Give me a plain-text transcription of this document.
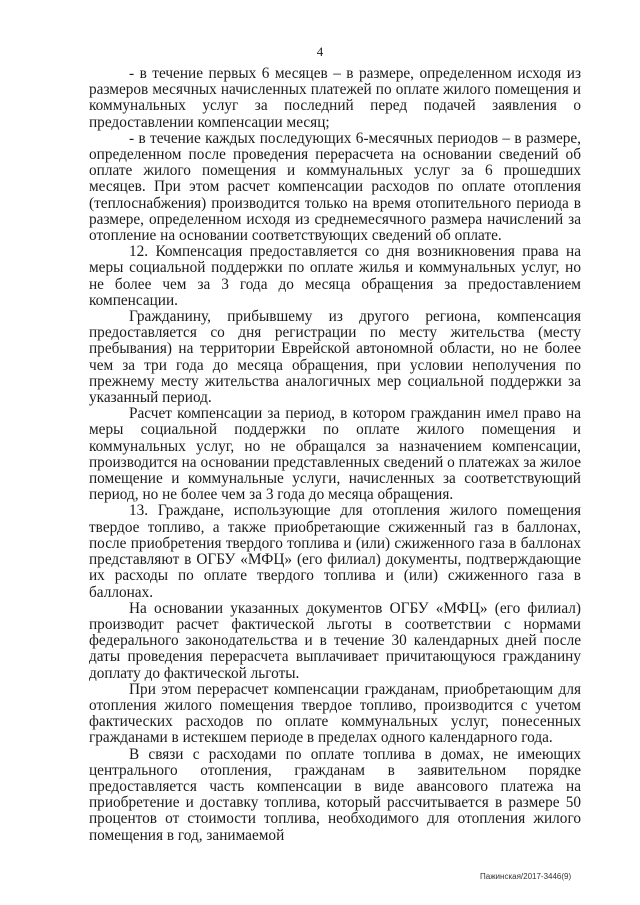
4

- в течение первых 6 месяцев – в размере, определенном исходя из размеров месячных начисленных платежей по оплате жилого помещения и коммунальных услуг за последний перед подачей заявления о предоставлении компенсации месяц;

- в течение каждых последующих 6-месячных периодов – в размере, определенном после проведения перерасчета на основании сведений об оплате жилого помещения и коммунальных услуг за 6 прошедших месяцев. При этом расчет компенсации расходов по оплате отопления (теплоснабжения) производится только на время отопительного периода в размере, определенном исходя из среднемесячного размера начислений за отопление на основании соответствующих сведений об оплате.

12. Компенсация предоставляется со дня возникновения права на меры социальной поддержки по оплате жилья и коммунальных услуг, но не более чем за 3 года до месяца обращения за предоставлением компенсации.

Гражданину, прибывшему из другого региона, компенсация предоставляется со дня регистрации по месту жительства (месту пребывания) на территории Еврейской автономной области, но не более чем за три года до месяца обращения, при условии неполучения по прежнему месту жительства аналогичных мер социальной поддержки за указанный период.

Расчет компенсации за период, в котором гражданин имел право на меры социальной поддержки по оплате жилого помещения и коммунальных услуг, но не обращался за назначением компенсации, производится на основании представленных сведений о платежах за жилое помещение и коммунальные услуги, начисленных за соответствующий период, но не более чем за 3 года до месяца обращения.

13. Граждане, использующие для отопления жилого помещения твердое топливо, а также приобретающие сжиженный газ в баллонах, после приобретения твердого топлива и (или) сжиженного газа в баллонах представляют в ОГБУ «МФЦ» (его филиал) документы, подтверждающие их расходы по оплате твердого топлива и (или) сжиженного газа в баллонах.

На основании указанных документов ОГБУ «МФЦ» (его филиал) производит расчет фактической льготы в соответствии с нормами федерального законодательства и в течение 30 календарных дней после даты проведения перерасчета выплачивает причитающуюся гражданину доплату до фактической льготы.

При этом перерасчет компенсации гражданам, приобретающим для отопления жилого помещения твердое топливо, производится с учетом фактических расходов по оплате коммунальных услуг, понесенных гражданами в истекшем периоде в пределах одного календарного года.

В связи с расходами по оплате топлива в домах, не имеющих центрального отопления, гражданам в заявительном порядке предоставляется часть компенсации в виде авансового платежа на приобретение и доставку топлива, который рассчитывается в размере 50 процентов от стоимости топлива, необходимого для отопления жилого помещения в год, занимаемой

Пажинская/2017-3446(9)
